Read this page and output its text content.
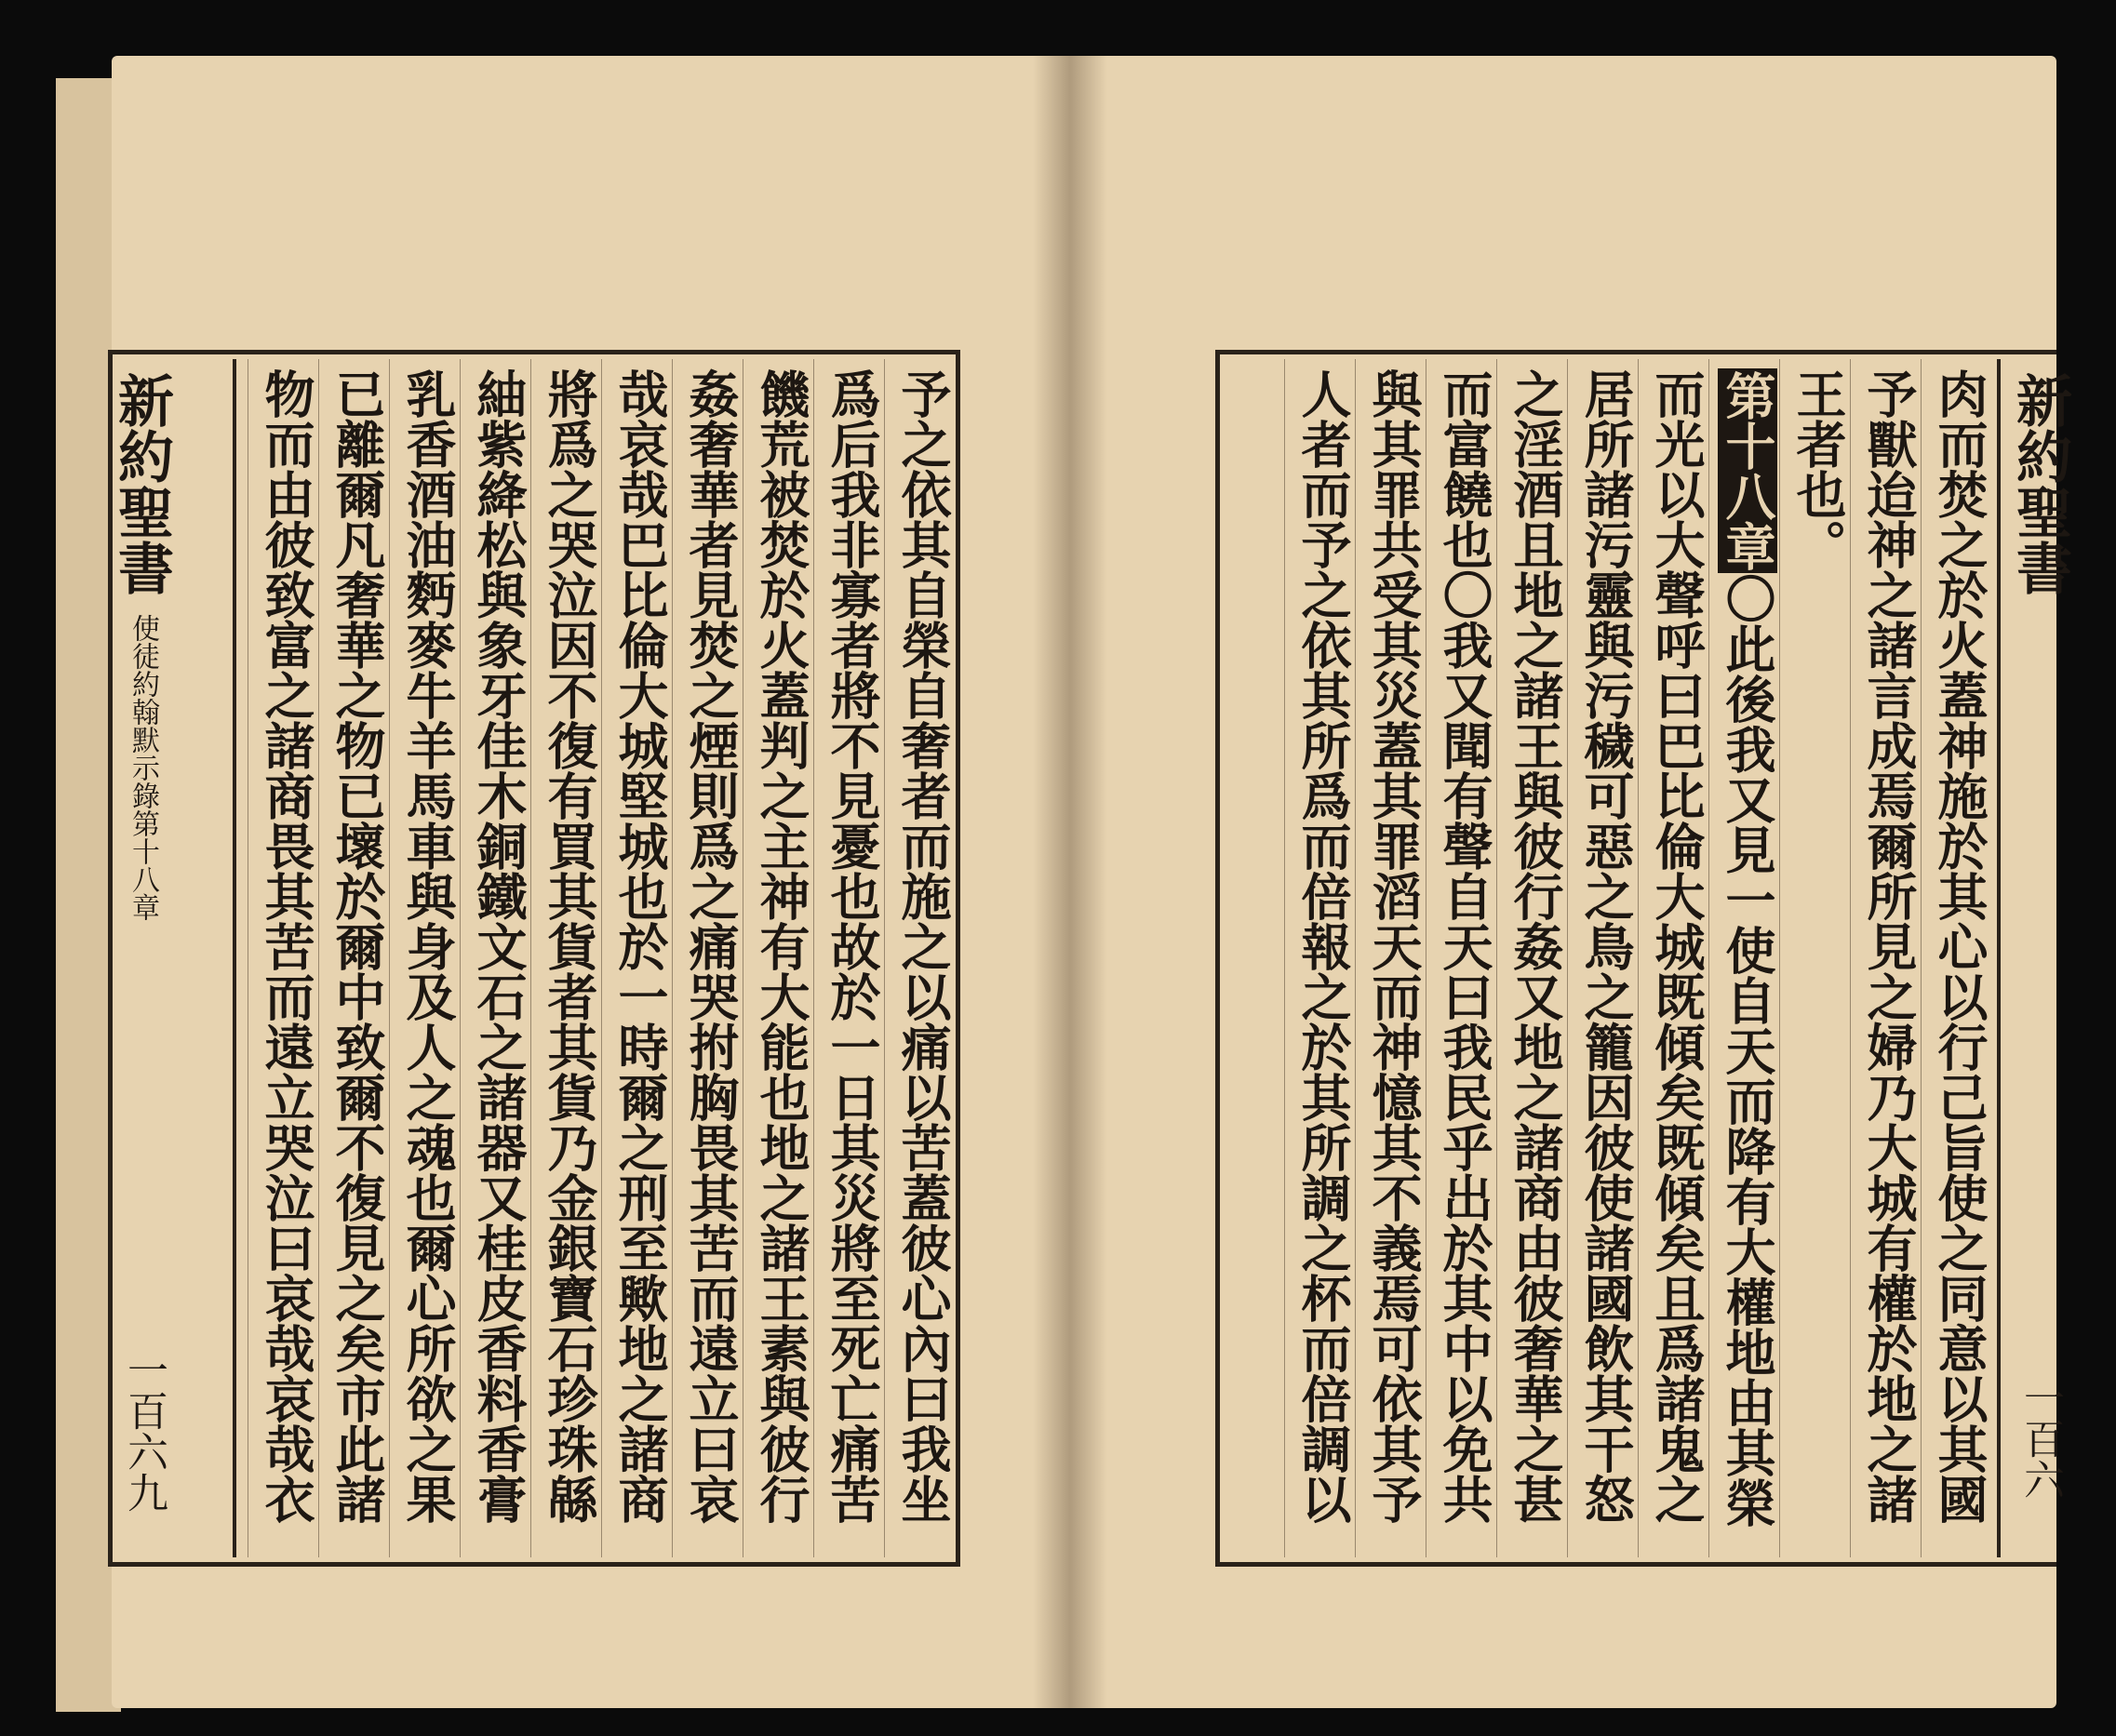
新約聖書
使徒約翰默示錄第十八章
一百六九	予之依其自榮自奢者而施之以痛以苦蓋彼心內曰我坐
爲后我非寡者將不見憂也故於一日其災將至死亡痛苦
饑荒被焚於火蓋判之主神有大能也地之諸王素與彼行
姦奢華者見焚之煙則爲之痛哭拊胸畏其苦而遠立曰哀
哉哀哉巴比倫大城堅城也於一時爾之刑至歟地之諸商
將爲之哭泣因不復有買其貨者其貨乃金銀寶石珍珠緜
紬紫絳松與象牙佳木銅鐵文石之諸器又桂皮香料香膏
乳香酒油麪麥牛羊馬車與身及人之魂也爾心所欲之果
已離爾凡奢華之物已壞於爾中致爾不復見之矣市此諸
物而由彼致富之諸商畏其苦而遠立哭泣曰哀哉哀哉衣	新約聖書
一百六
肉而焚之於火蓋神施於其心以行己旨使之同意以其國
予獸迨神之諸言成焉爾所見之婦乃大城有權於地之諸
王者也。
第十八章〇此後我又見一使自天而降有大權地由其榮
而光以大聲呼曰巴比倫大城既傾矣既傾矣且爲諸鬼之
居所諸污靈與污穢可惡之鳥之籠因彼使諸國飲其干怒
之淫酒且地之諸王與彼行姦又地之諸商由彼奢華之甚
而富饒也〇我又聞有聲自天曰我民乎出於其中以免共
與其罪共受其災蓋其罪滔天而神憶其不義焉可依其予
人者而予之依其所爲而倍報之於其所調之杯而倍調以
